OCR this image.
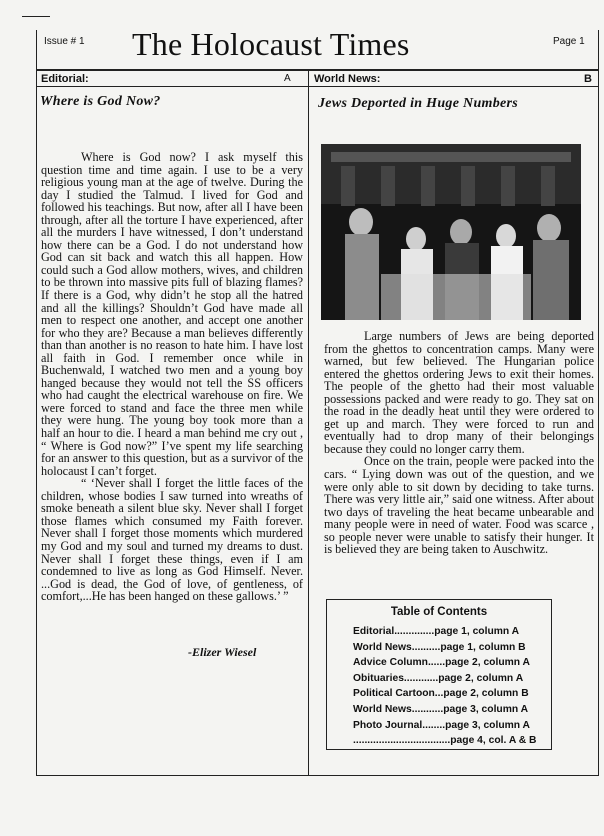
Issue # 1 The Holocaust Times	Page 1
Editorial:	A
Where is God Now?

Where is God now? I ask myself this question time and time again. I use to be a very religious young man at the age of twelve. During the day I studied the Talmud. I lived for God and followed his teachings. But now, after all I have been through, after all the torture I have experienced, after all the murders I have witnessed, I don’t understand how there can be a God. I do not understand how God can sit back and watch this all happen. How could such a God allow mothers, wives, and children to be thrown into massive pits full of blazing flames? If there is a God, why didn’t he stop all the hatred and all the killings? Shouldn’t God have made all men to respect one another, and accept one another for who they are? Because a man believes differently than than another is no reason to hate him. I have lost all faith in God. I remember once while in Buchenwald, I watched two men and a young boy hanged because they would not tell the SS officers who had caught the electrical warehouse on fire. We were forced to stand and face the three men while they were hung. The young boy took more than a half an hour to die. I heard a man behind me cry out , “ Where is God now?” I’ve spent my life searching for an answer to this question, but as a survivor of the holocaust I can’t forget.

“ ‘Never shall I forget the little faces of the children, whose bodies I saw turned into wreaths of smoke beneath a silent blue sky. Never shall I forget those flames which consumed my Faith forever. Never shall I forget those moments which murdered my God and my soul and turned my dreams to dust. Never shall I forget these things, even if I am condemned to live as long as God Himself. Never. ...God is dead, the God of love, of gentleness, of comfort,...He has been hanged on these gallows.’ ”

-Elizer Wiesel
World News:	B
Jews Deported in Huge Numbers

Large numbers of Jews are being deported from the ghettos to concentration camps. Many were warned, but few believed. The Hungarian police entered the ghettos ordering Jews to exit their homes. The people of the ghetto had their most valuable possessions packed and were ready to go. They sat on the road in the deadly heat until they were ordered to get up and march. They were forced to run and eventually had to drop many of their belongings because they could no longer carry them.

Once on the train, people were packed into the cars. “ Lying down was out of the question, and we were only able to sit down by deciding to take turns. There was very little air,” said one witness. After about two days of traveling the heat became unbearable and many people were in need of water. Food was scarce , so people never were unable to satisfy their hunger. It is believed they are being taken to Auschwitz.

Table of Contents
Editorial..............page 1, column A
World News..........page 1, column B
Advice Column......page 2, column A
Obituaries............page 2, column A
Political Cartoon...page 2, column B
World News...........page 3, column A
Photo Journal........page 3, column A
..................................page 4, col. A & B
